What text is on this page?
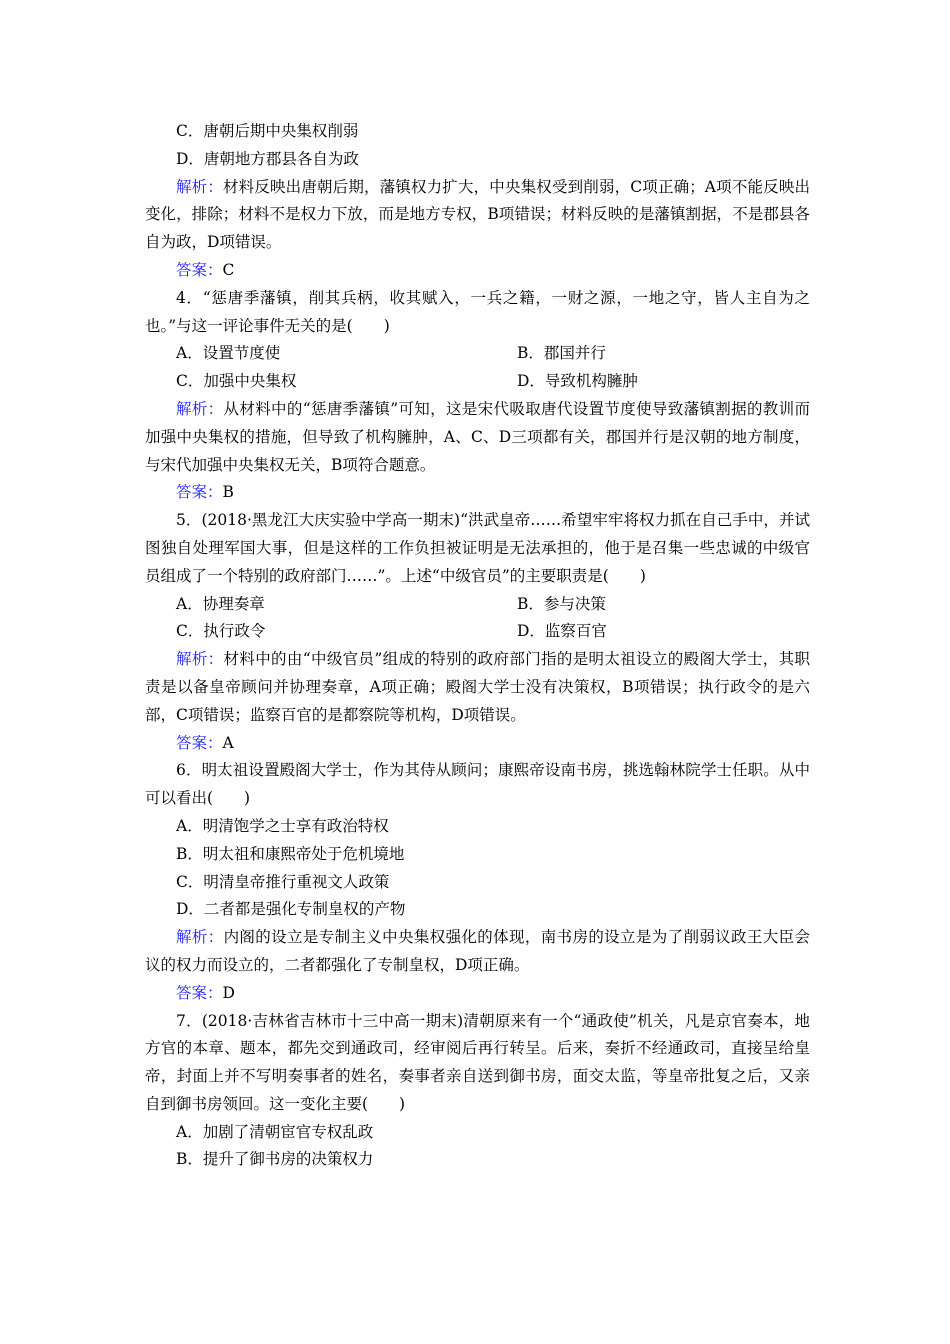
C．唐朝后期中央集权削弱
D．唐朝地方郡县各自为政
解析：材料反映出唐朝后期，藩镇权力扩大，中央集权受到削弱，C项正确；A项不能反映出变化，排除；材料不是权力下放，而是地方专权，B项错误；材料反映的是藩镇割据，不是郡县各自为政，D项错误。
答案：C
4．“惩唐季藩镇，削其兵柄，收其赋入，一兵之籍，一财之源，一地之守，皆人主自为之也。”与这一评论事件无关的是(　　)
A．设置节度使	B．郡国并行
C．加强中央集权	D．导致机构臃肿
解析：从材料中的“惩唐季藩镇”可知，这是宋代吸取唐代设置节度使导致藩镇割据的教训而加强中央集权的措施，但导致了机构臃肿，A、C、D三项都有关，郡国并行是汉朝的地方制度，与宋代加强中央集权无关，B项符合题意。
答案：B
5．(2018·黑龙江大庆实验中学高一期末)“洪武皇帝……希望牢牢将权力抓在自己手中，并试图独自处理军国大事，但是这样的工作负担被证明是无法承担的，他于是召集一些忠诚的中级官员组成了一个特别的政府部门……”。上述“中级官员”的主要职责是(　　)
A．协理奏章	B．参与决策
C．执行政令	D．监察百官
解析：材料中的由“中级官员”组成的特别的政府部门指的是明太祖设立的殿阁大学士，其职责是以备皇帝顾问并协理奏章，A项正确；殿阁大学士没有决策权，B项错误；执行政令的是六部，C项错误；监察百官的是都察院等机构，D项错误。
答案：A
6．明太祖设置殿阁大学士，作为其侍从顾问；康熙帝设南书房，挑选翰林院学士任职。从中可以看出(　　)
A．明清饱学之士享有政治特权
B．明太祖和康熙帝处于危机境地
C．明清皇帝推行重视文人政策
D．二者都是强化专制皇权的产物
解析：内阁的设立是专制主义中央集权强化的体现，南书房的设立是为了削弱议政王大臣会议的权力而设立的，二者都强化了专制皇权，D项正确。
答案：D
7．(2018·吉林省吉林市十三中高一期末)清朝原来有一个“通政使”机关，凡是京官奏本，地方官的本章、题本，都先交到通政司，经审阅后再行转呈。后来，奏折不经通政司，直接呈给皇帝，封面上并不写明奏事者的姓名，奏事者亲自送到御书房，面交太监，等皇帝批复之后，又亲自到御书房领回。这一变化主要(　　)
A．加剧了清朝宦官专权乱政
B．提升了御书房的决策权力
